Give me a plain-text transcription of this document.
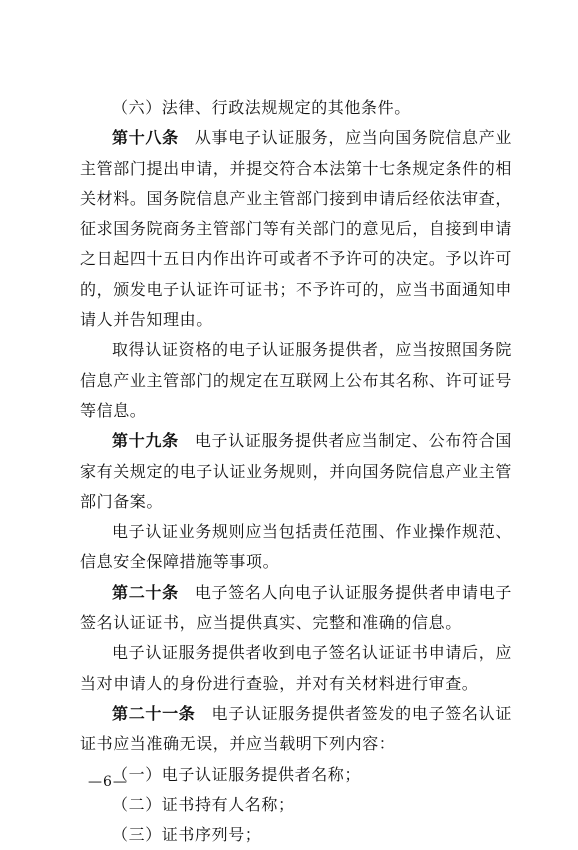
（六）法律、行政法规规定的其他条件。

第十八条 从事电子认证服务，应当向国务院信息产业主管部门提出申请，并提交符合本法第十七条规定条件的相关材料。国务院信息产业主管部门接到申请后经依法审查，征求国务院商务主管部门等有关部门的意见后，自接到申请之日起四十五日内作出许可或者不予许可的决定。予以许可的，颁发电子认证许可证书；不予许可的，应当书面通知申请人并告知理由。

取得认证资格的电子认证服务提供者，应当按照国务院信息产业主管部门的规定在互联网上公布其名称、许可证号等信息。

第十九条 电子认证服务提供者应当制定、公布符合国家有关规定的电子认证业务规则，并向国务院信息产业主管部门备案。

电子认证业务规则应当包括责任范围、作业操作规范、信息安全保障措施等事项。

第二十条 电子签名人向电子认证服务提供者申请电子签名认证证书，应当提供真实、完整和准确的信息。

电子认证服务提供者收到电子签名认证证书申请后，应当对申请人的身份进行查验，并对有关材料进行审查。

第二十一条 电子认证服务提供者签发的电子签名认证证书应当准确无误，并应当载明下列内容：

（一）电子认证服务提供者名称；

（二）证书持有人名称；

（三）证书序列号；

—6—
